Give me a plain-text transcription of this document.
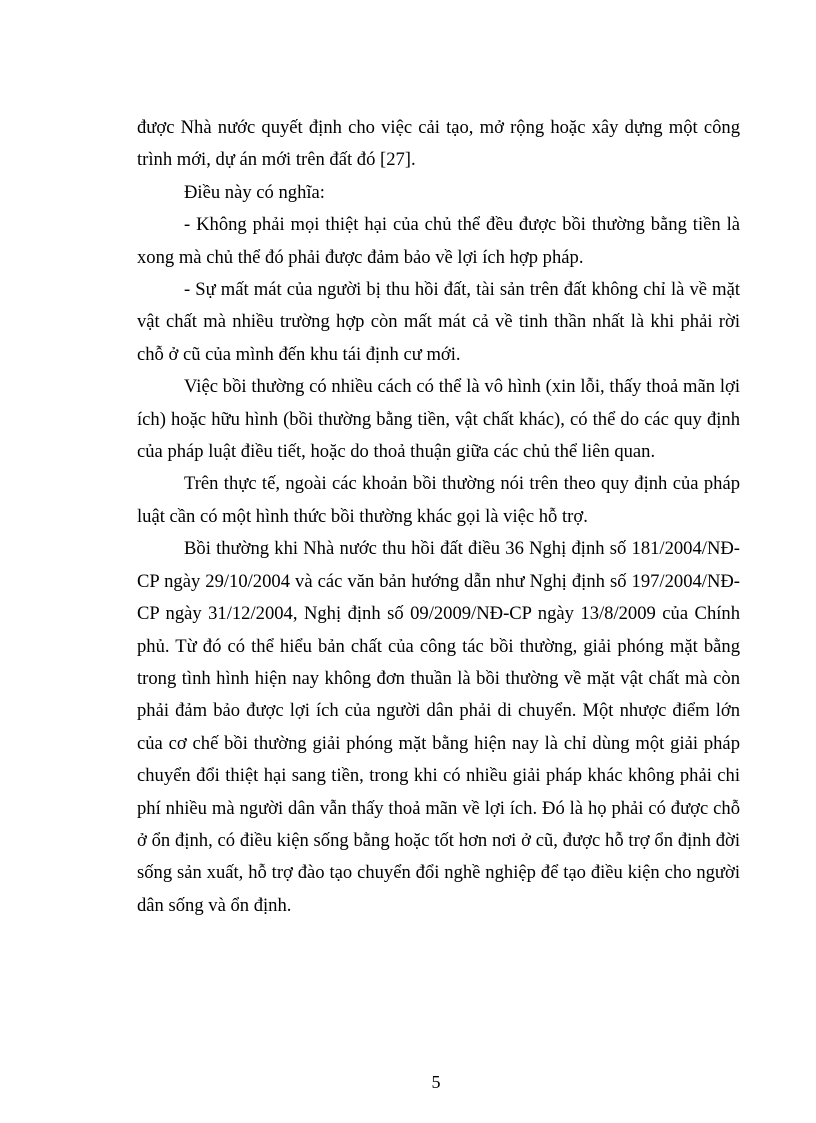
được Nhà nước quyết định cho việc cải tạo, mở rộng hoặc xây dựng một công trình mới, dự án mới trên đất đó [27].

Điều này có nghĩa:

- Không phải mọi thiệt hại của chủ thể đều được bồi thường bằng tiền là xong mà chủ thể đó phải được đảm bảo về lợi ích hợp pháp.

- Sự mất mát của người bị thu hồi đất, tài sản trên đất không chỉ là về mặt vật chất mà nhiều trường hợp còn mất mát cả về tinh thần nhất là khi phải rời chỗ ở cũ của mình đến khu tái định cư mới.

Việc bồi thường có nhiều cách có thể là vô hình (xin lỗi, thấy thoả mãn lợi ích) hoặc hữu hình (bồi thường bằng tiền, vật chất khác), có thể do các quy định của pháp luật điều tiết, hoặc do thoả thuận giữa các chủ thể liên quan.

Trên thực tế, ngoài các khoản bồi thường nói trên theo quy định của pháp luật cần có một hình thức bồi thường khác gọi là việc hỗ trợ.

Bồi thường khi Nhà nước thu hồi đất điều 36 Nghị định số 181/2004/NĐ-CP ngày 29/10/2004 và các văn bản hướng dẫn như Nghị định số 197/2004/NĐ-CP ngày 31/12/2004, Nghị định số 09/2009/NĐ-CP ngày 13/8/2009 của Chính phủ. Từ đó có thể hiểu bản chất của công tác bồi thường, giải phóng mặt bằng trong tình hình hiện nay không đơn thuần là bồi thường về mặt vật chất mà còn phải đảm bảo được lợi ích của người dân phải di chuyển. Một nhược điểm lớn của cơ chế bồi thường giải phóng mặt bằng hiện nay là chỉ dùng một giải pháp chuyển đổi thiệt hại sang tiền, trong khi có nhiều giải pháp khác không phải chi phí nhiều mà người dân vẫn thấy thoả mãn về lợi ích. Đó là họ phải có được chỗ ở ổn định, có điều kiện sống bằng hoặc tốt hơn nơi ở cũ, được hỗ trợ ổn định đời sống sản xuất, hỗ trợ đào tạo chuyển đổi nghề nghiệp để tạo điều kiện cho người dân sống và ổn định.

5
